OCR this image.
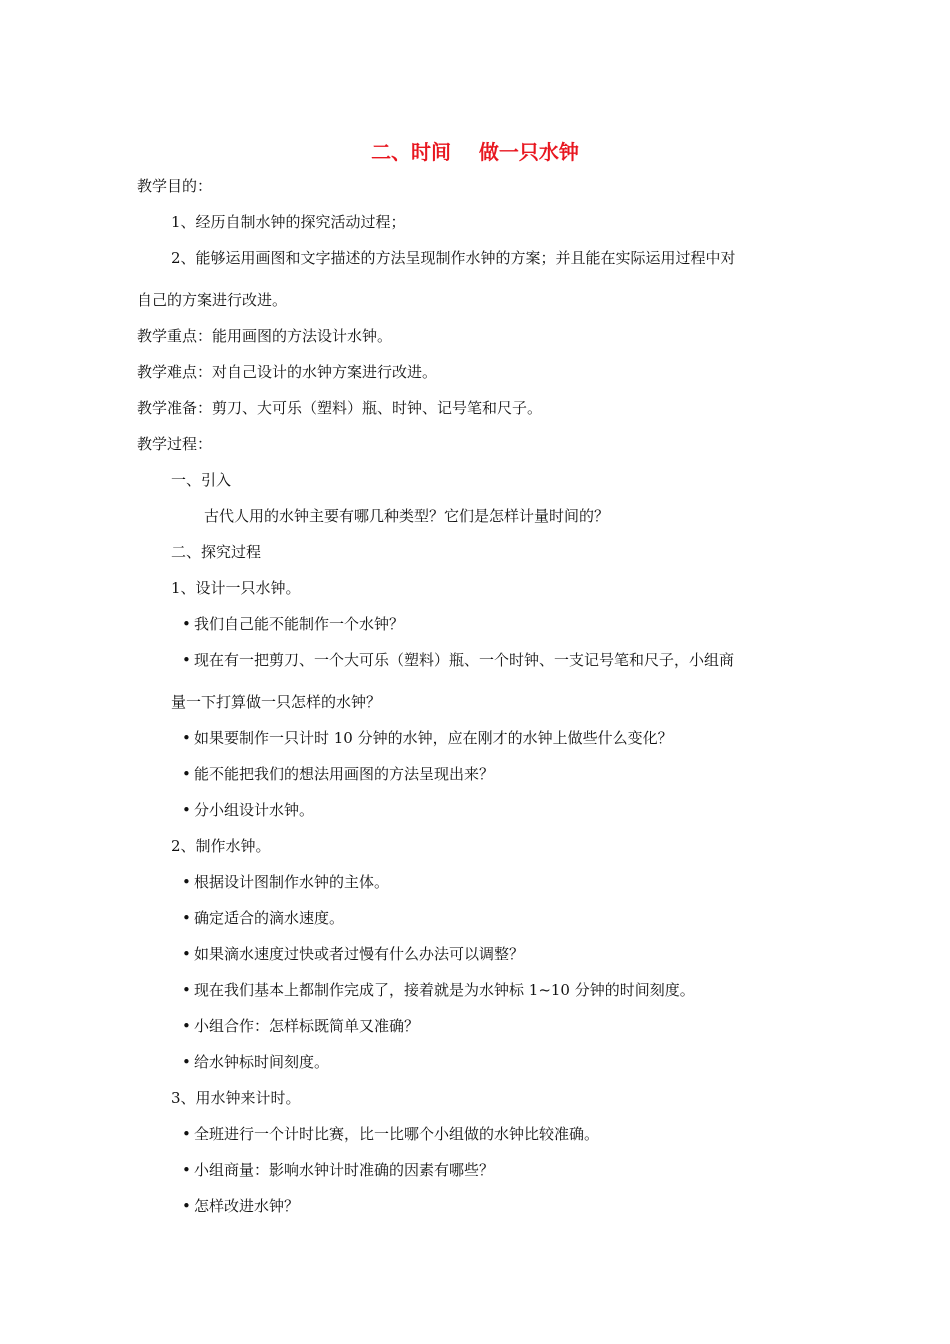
二、时间    做一只水钟
教学目的：
1、经历自制水钟的探究活动过程；
2、能够运用画图和文字描述的方法呈现制作水钟的方案；并且能在实际运用过程中对
自己的方案进行改进。
教学重点：能用画图的方法设计水钟。
教学难点：对自己设计的水钟方案进行改进。
教学准备：剪刀、大可乐（塑料）瓶、时钟、记号笔和尺子。
教学过程：
一、引入
古代人用的水钟主要有哪几种类型？它们是怎样计量时间的？
二、探究过程
1、设计一只水钟。
• 我们自己能不能制作一个水钟？
• 现在有一把剪刀、一个大可乐（塑料）瓶、一个时钟、一支记号笔和尺子，小组商
量一下打算做一只怎样的水钟？
• 如果要制作一只计时 10 分钟的水钟，应在刚才的水钟上做些什么变化？
• 能不能把我们的想法用画图的方法呈现出来？
• 分小组设计水钟。
2、制作水钟。
• 根据设计图制作水钟的主体。
• 确定适合的滴水速度。
• 如果滴水速度过快或者过慢有什么办法可以调整？
• 现在我们基本上都制作完成了，接着就是为水钟标 1~10 分钟的时间刻度。
• 小组合作：怎样标既简单又准确？
• 给水钟标时间刻度。
3、用水钟来计时。
• 全班进行一个计时比赛，比一比哪个小组做的水钟比较准确。
• 小组商量：影响水钟计时准确的因素有哪些？
• 怎样改进水钟？
